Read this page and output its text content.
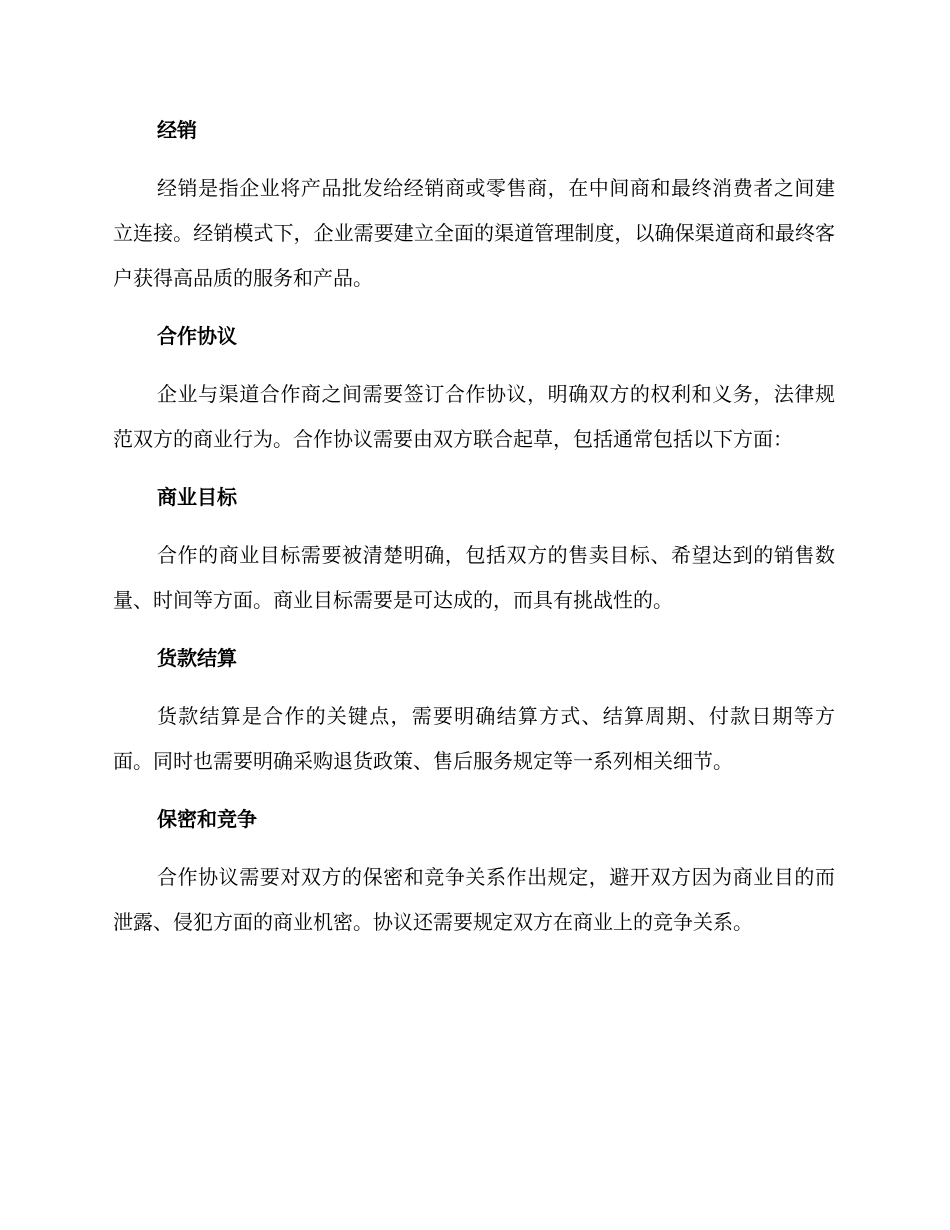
经销

经销是指企业将产品批发给经销商或零售商，在中间商和最终消费者之间建立连接。经销模式下，企业需要建立全面的渠道管理制度，以确保渠道商和最终客户获得高品质的服务和产品。

合作协议

企业与渠道合作商之间需要签订合作协议，明确双方的权利和义务，法律规范双方的商业行为。合作协议需要由双方联合起草，包括通常包括以下方面：

商业目标

合作的商业目标需要被清楚明确，包括双方的售卖目标、希望达到的销售数量、时间等方面。商业目标需要是可达成的，而具有挑战性的。

货款结算

货款结算是合作的关键点，需要明确结算方式、结算周期、付款日期等方面。同时也需要明确采购退货政策、售后服务规定等一系列相关细节。

保密和竞争

合作协议需要对双方的保密和竞争关系作出规定，避开双方因为商业目的而泄露、侵犯方面的商业机密。协议还需要规定双方在商业上的竞争关系。
